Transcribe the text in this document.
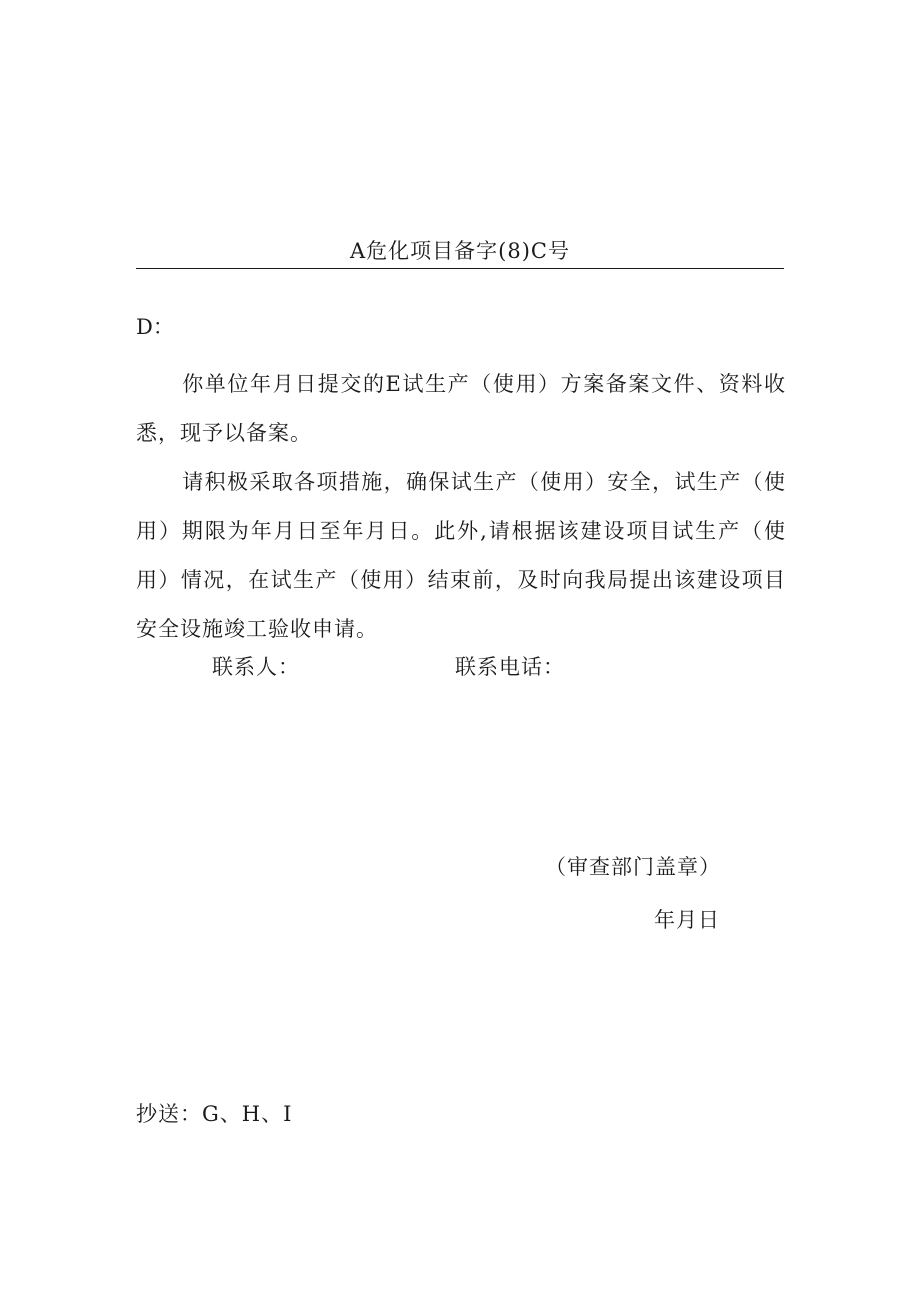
A危化项目备字(8)C号
D：

你单位年月日提交的E试生产（使用）方案备案文件、资料收悉，现予以备案。

请积极采取各项措施，确保试生产（使用）安全，试生产（使用）期限为年月日至年月日。此外,请根据该建设项目试生产（使用）情况，在试生产（使用）结束前，及时向我局提出该建设项目安全设施竣工验收申请。

联系人：	联系电话：
（审查部门盖章）
年月日
抄送：G、H、I
